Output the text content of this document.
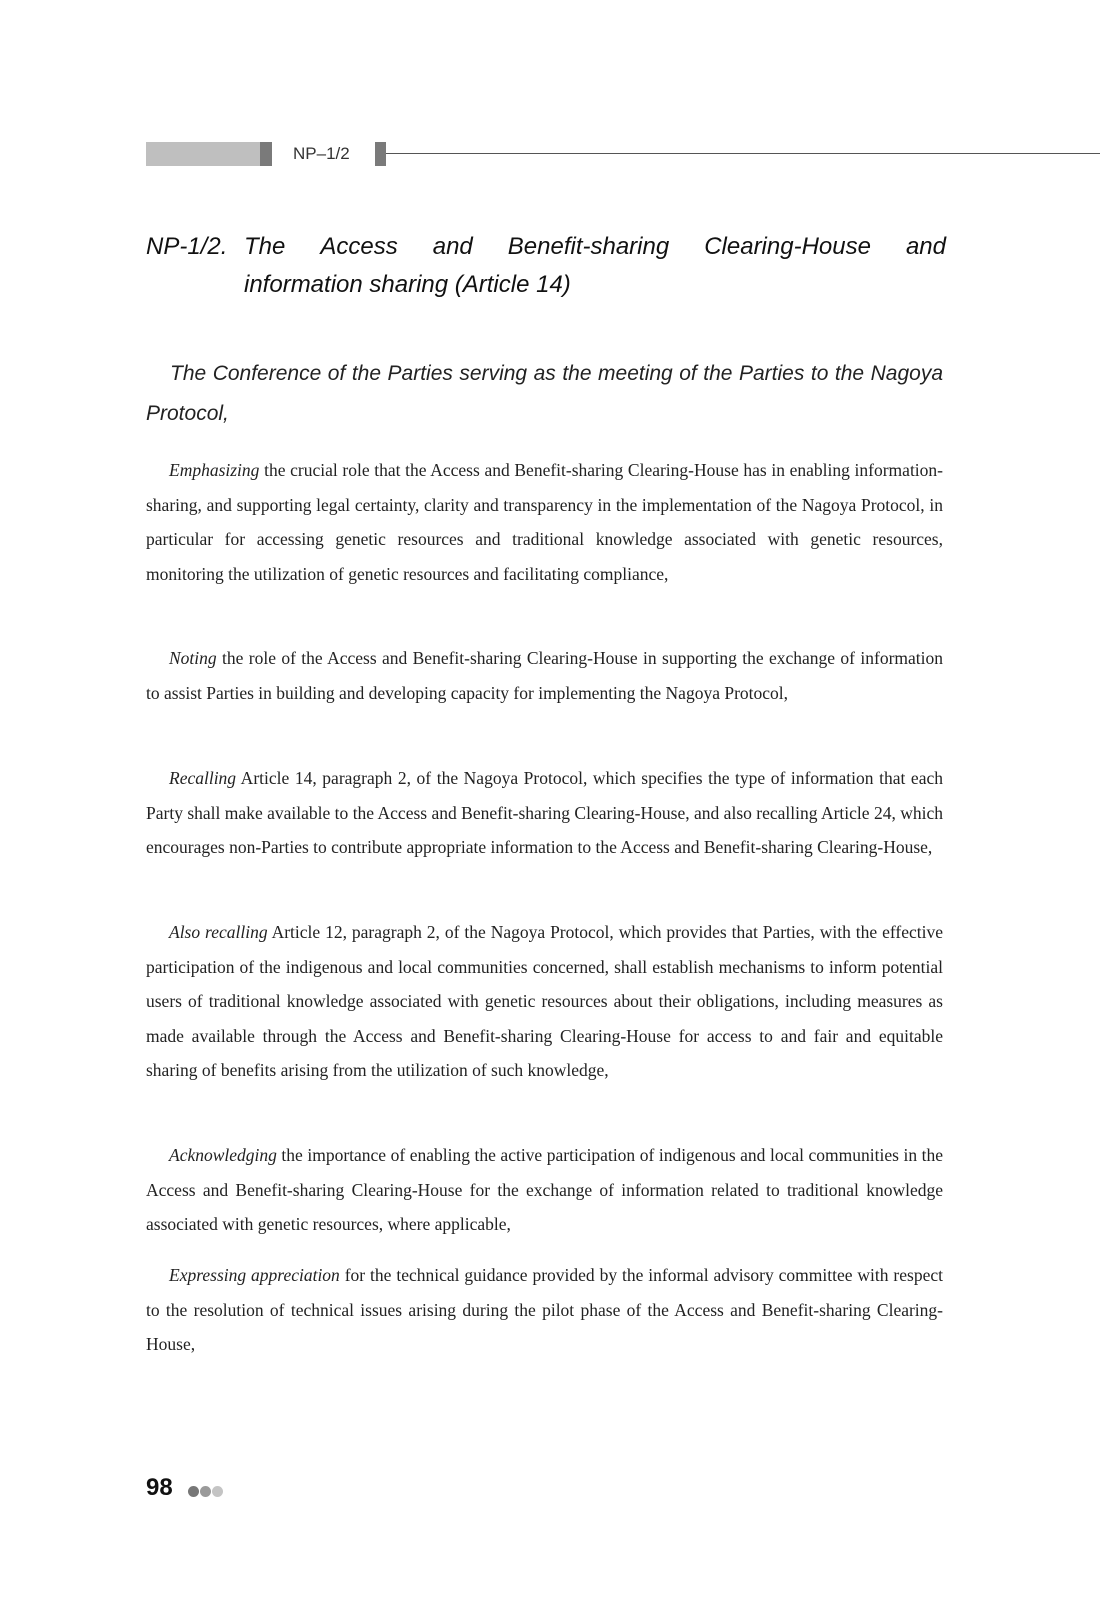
NP–1/2
NP-1/2. The Access and Benefit-sharing Clearing-House and
information sharing (Article 14)
The Conference of the Parties serving as the meeting of the Parties to the Nagoya Protocol,
Emphasizing the crucial role that the Access and Benefit-sharing Clearing-House has in enabling information-sharing, and supporting legal certainty, clarity and transparency in the implementation of the Nagoya Protocol, in particular for accessing genetic resources and traditional knowledge associated with genetic resources, monitoring the utilization of genetic resources and facilitating compliance,
Noting the role of the Access and Benefit-sharing Clearing-House in supporting the exchange of information to assist Parties in building and developing capacity for implementing the Nagoya Protocol,
Recalling Article 14, paragraph 2, of the Nagoya Protocol, which specifies the type of information that each Party shall make available to the Access and Benefit-sharing Clearing-House, and also recalling Article 24, which encourages non-Parties to contribute appropriate information to the Access and Benefit-sharing Clearing-House,
Also recalling Article 12, paragraph 2, of the Nagoya Protocol, which provides that Parties, with the effective participation of the indigenous and local communities concerned, shall establish mechanisms to inform potential users of traditional knowledge associated with genetic resources about their obligations, including measures as made available through the Access and Benefit-sharing Clearing-House for access to and fair and equitable sharing of benefits arising from the utilization of such knowledge,
Acknowledging the importance of enabling the active participation of indigenous and local communities in the Access and Benefit-sharing Clearing-House for the exchange of information related to traditional knowledge associated with genetic resources, where applicable,
Expressing appreciation for the technical guidance provided by the informal advisory committee with respect to the resolution of technical issues arising during the pilot phase of the Access and Benefit-sharing Clearing-House,
98
